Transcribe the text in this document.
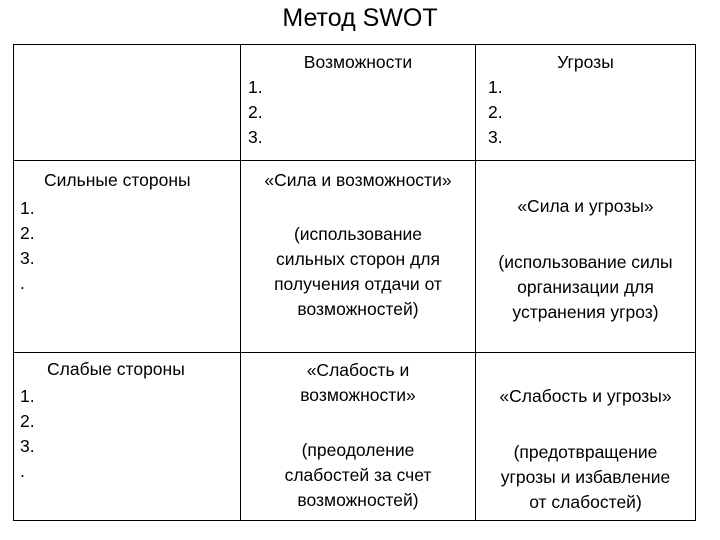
Метод SWOT
Возможности
1.
2.
3.
Угрозы
1.
2.
3.
Сильные стороны
1.
2.
3.
.
«Сила и возможности»
(использование
сильных сторон для
получения отдачи от
возможностей)
«Сила и угрозы»
(использование силы
организации для
устранения угроз)
Слабые стороны
1.
2.
3.
.
«Слабость и
возможности»
(преодоление
слабостей за счет
возможностей)
«Слабость и угрозы»
(предотвращение
угрозы и избавление
от слабостей)
